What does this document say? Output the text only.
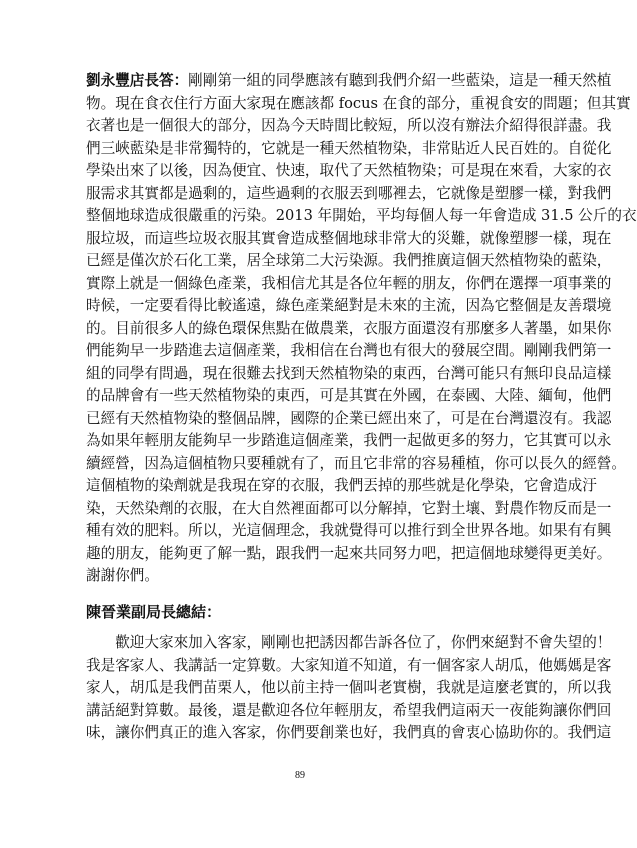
劉永豐店長答：剛剛第一組的同學應該有聽到我們介紹一些藍染，這是一種天然植
物。現在食衣住行方面大家現在應該都 focus 在食的部分，重視食安的問題；但其實
衣著也是一個很大的部分，因為今天時間比較短，所以沒有辦法介紹得很詳盡。我
們三峽藍染是非常獨特的，它就是一種天然植物染，非常貼近人民百姓的。自從化
學染出來了以後，因為便宜、快速，取代了天然植物染；可是現在來看，大家的衣
服需求其實都是過剩的，這些過剩的衣服丟到哪裡去，它就像是塑膠一樣，對我們
整個地球造成很嚴重的污染。2013 年開始，平均每個人每一年會造成 31.5 公斤的衣
服垃圾，而這些垃圾衣服其實會造成整個地球非常大的災難，就像塑膠一樣，現在
已經是僅次於石化工業，居全球第二大污染源。我們推廣這個天然植物染的藍染，
實際上就是一個綠色產業，我相信尤其是各位年輕的朋友，你們在選擇一項事業的
時候，一定要看得比較遙遠，綠色產業絕對是未來的主流，因為它整個是友善環境
的。目前很多人的綠色環保焦點在做農業，衣服方面還沒有那麼多人著墨，如果你
們能夠早一步踏進去這個產業，我相信在台灣也有很大的發展空間。剛剛我們第一
組的同學有問過，現在很難去找到天然植物染的東西，台灣可能只有無印良品這樣
的品牌會有一些天然植物染的東西，可是其實在外國，在泰國、大陸、緬甸，他們
已經有天然植物染的整個品牌，國際的企業已經出來了，可是在台灣還沒有。我認
為如果年輕朋友能夠早一步踏進這個產業，我們一起做更多的努力，它其實可以永
續經營，因為這個植物只要種就有了，而且它非常的容易種植，你可以長久的經營。
這個植物的染劑就是我現在穿的衣服，我們丟掉的那些就是化學染，它會造成汙
染，天然染劑的衣服，在大自然裡面都可以分解掉，它對土壤、對農作物反而是一
種有效的肥料。所以，光這個理念，我就覺得可以推行到全世界各地。如果有有興
趣的朋友，能夠更了解一點，跟我們一起來共同努力吧，把這個地球變得更美好。
謝謝你們。
陳晉業副局長總結：
　　歡迎大家來加入客家，剛剛也把誘因都告訴各位了，你們來絕對不會失望的！
我是客家人、我講話一定算數。大家知道不知道，有一個客家人胡瓜，他媽媽是客
家人，胡瓜是我們苗栗人，他以前主持一個叫老實樹，我就是這麼老實的，所以我
講話絕對算數。最後，還是歡迎各位年輕朋友，希望我們這兩天一夜能夠讓你們回
味，讓你們真正的進入客家，你們要創業也好，我們真的會衷心協助你的。我們這
89
